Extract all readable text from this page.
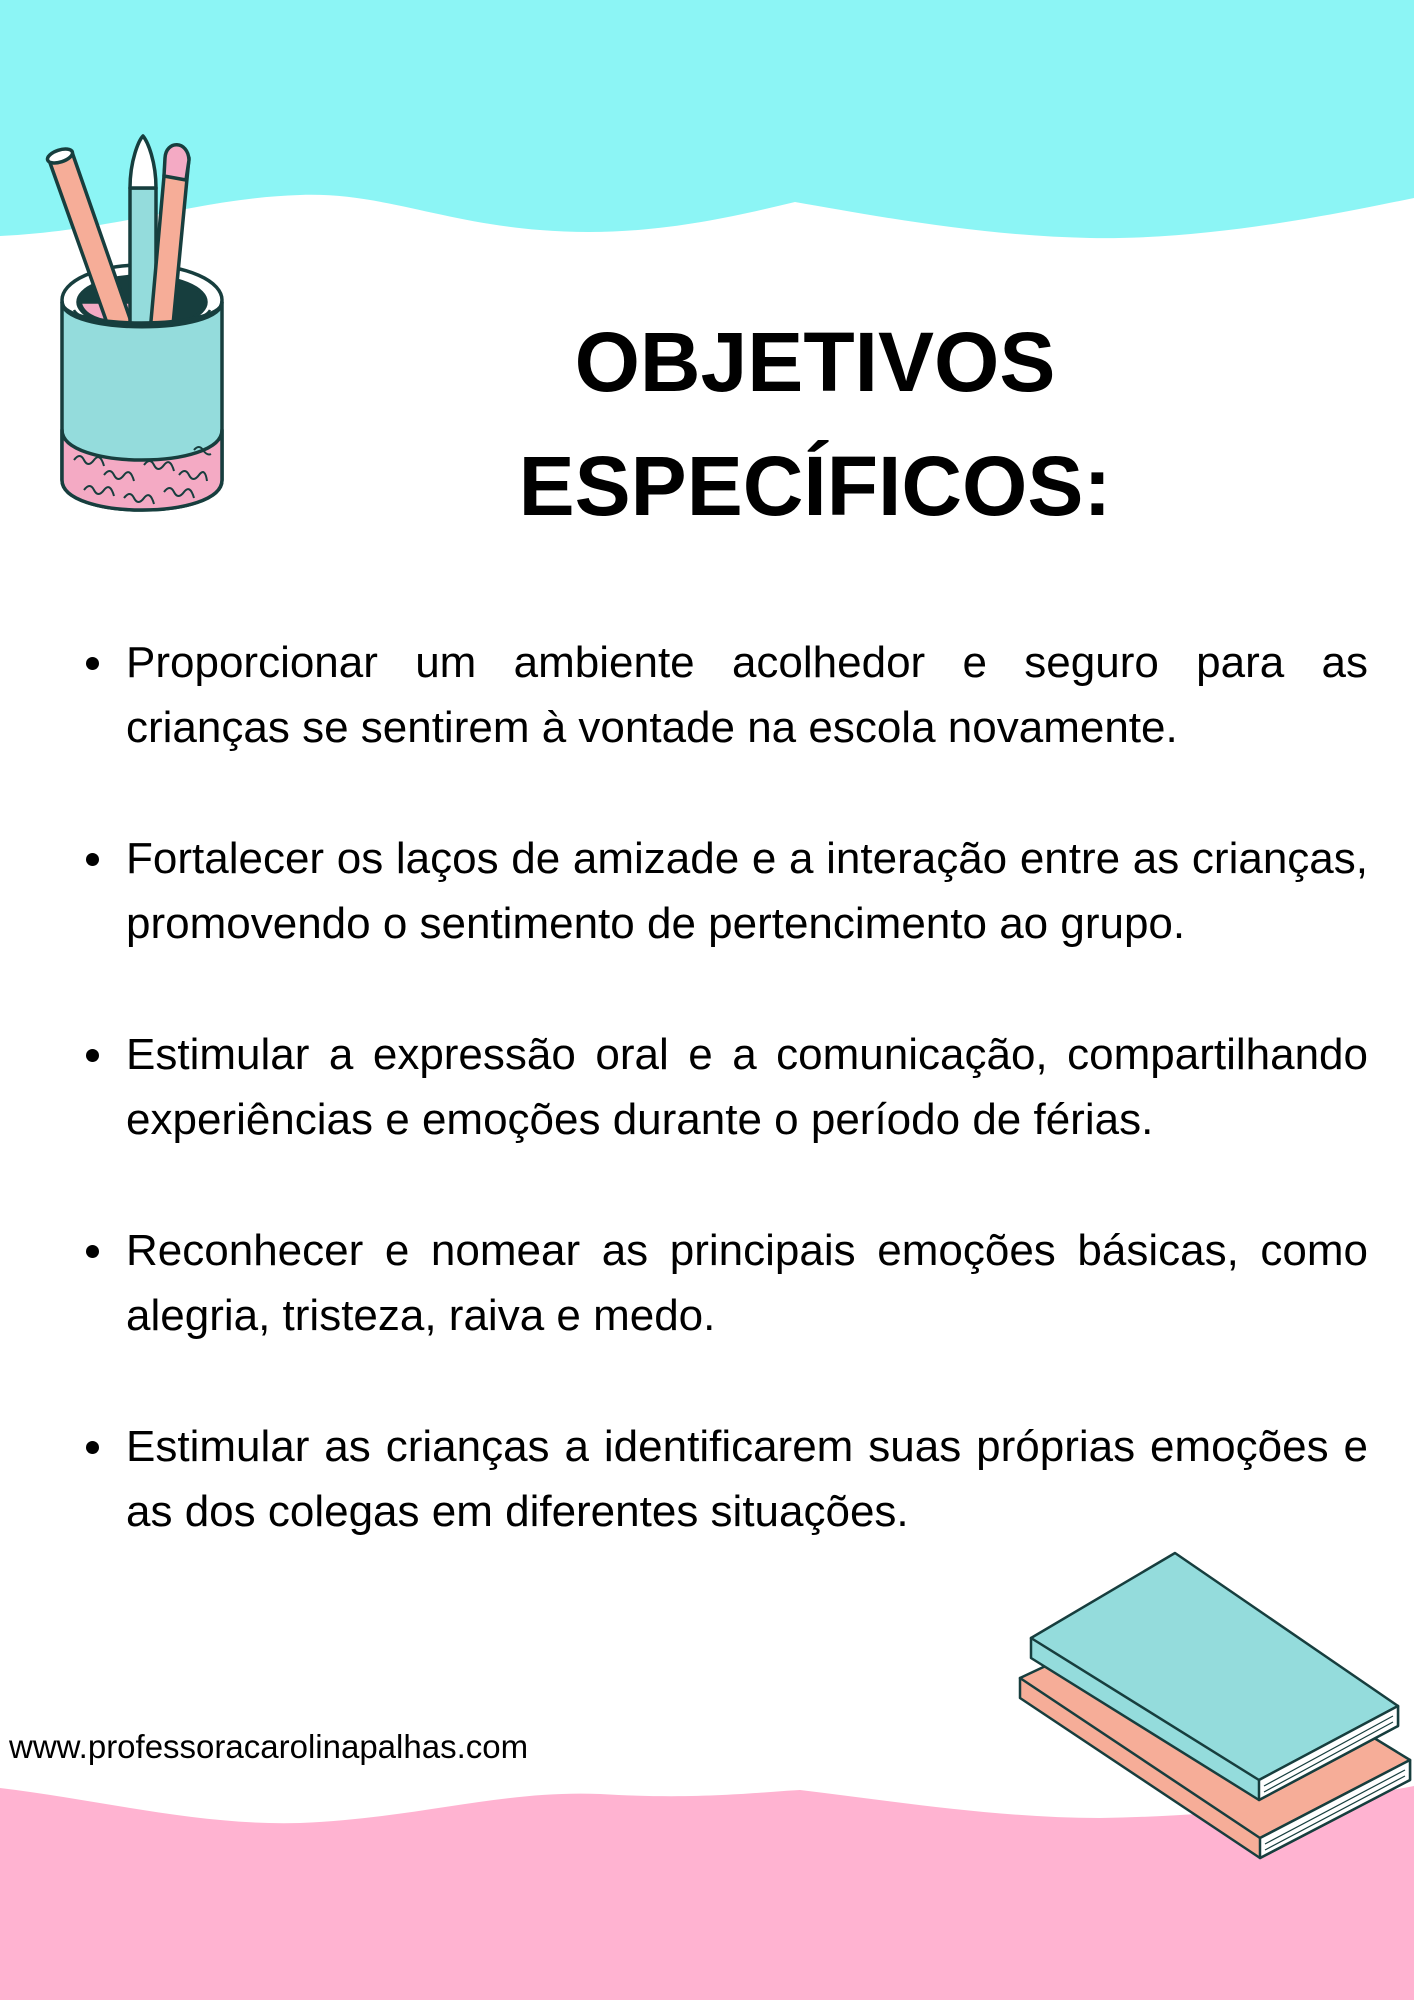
OBJETIVOS
ESPECÍFICOS:
Proporcionar um ambiente acolhedor e seguro para as crianças se sentirem à vontade na escola novamente.
Fortalecer os laços de amizade e a interação entre as crianças, promovendo o sentimento de pertencimento ao grupo.
Estimular a expressão oral e a comunicação, compartilhando experiências e emoções durante o período de férias.
Reconhecer e nomear as principais emoções básicas, como alegria, tristeza, raiva e medo.
Estimular as crianças a identificarem suas próprias emoções e as dos colegas em diferentes situações.

www.professoracarolinapalhas.com
